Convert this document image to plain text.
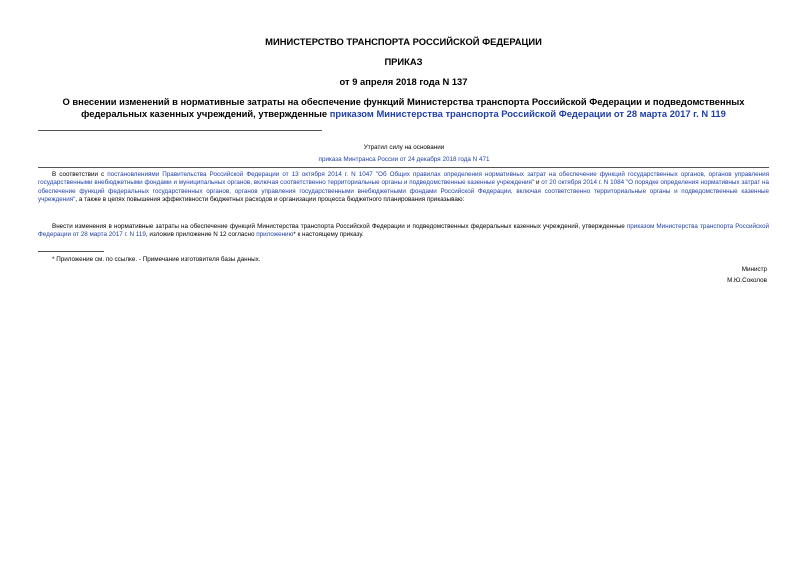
МИНИСТЕРСТВО ТРАНСПОРТА РОССИЙСКОЙ ФЕДЕРАЦИИ
ПРИКАЗ
от 9 апреля 2018 года N 137
О внесении изменений в нормативные затраты на обеспечение функций Министерства транспорта Российской Федерации и подведомственных федеральных казенных учреждений, утвержденные приказом Министерства транспорта Российской Федерации от 28 марта 2017 г. N 119
Утратил силу на основании
приказа Минтранса России от 24 декабря 2018 года N 471
В соответствии с постановлениями Правительства Российской Федерации от 13 октября 2014 г. N 1047 "Об Общих правилах определения нормативных затрат на обеспечение функций государственных органов, органов управления государственными внебюджетными фондами и муниципальных органов, включая соответственно территориальные органы и подведомственные казенные учреждения" и от 20 октября 2014 г. N 1084 "О порядке определения нормативных затрат на обеспечение функций федеральных государственных органов, органов управления государственными внебюджетными фондами Российской Федерации, включая соответственно территориальные органы и подведомственные казенные учреждения", а также в целях повышения эффективности бюджетных расходов и организации процесса бюджетного планирования приказываю:
Внести изменения в нормативные затраты на обеспечение функций Министерства транспорта Российской Федерации и подведомственных федеральных казенных учреждений, утвержденные приказом Министерства транспорта Российской Федерации от 28 марта 2017 г. N 119, изложив приложение N 12 согласно приложению* к настоящему приказу.
* Приложение см. по ссылке. - Примечание изготовителя базы данных.
Министр
М.Ю.Соколов
